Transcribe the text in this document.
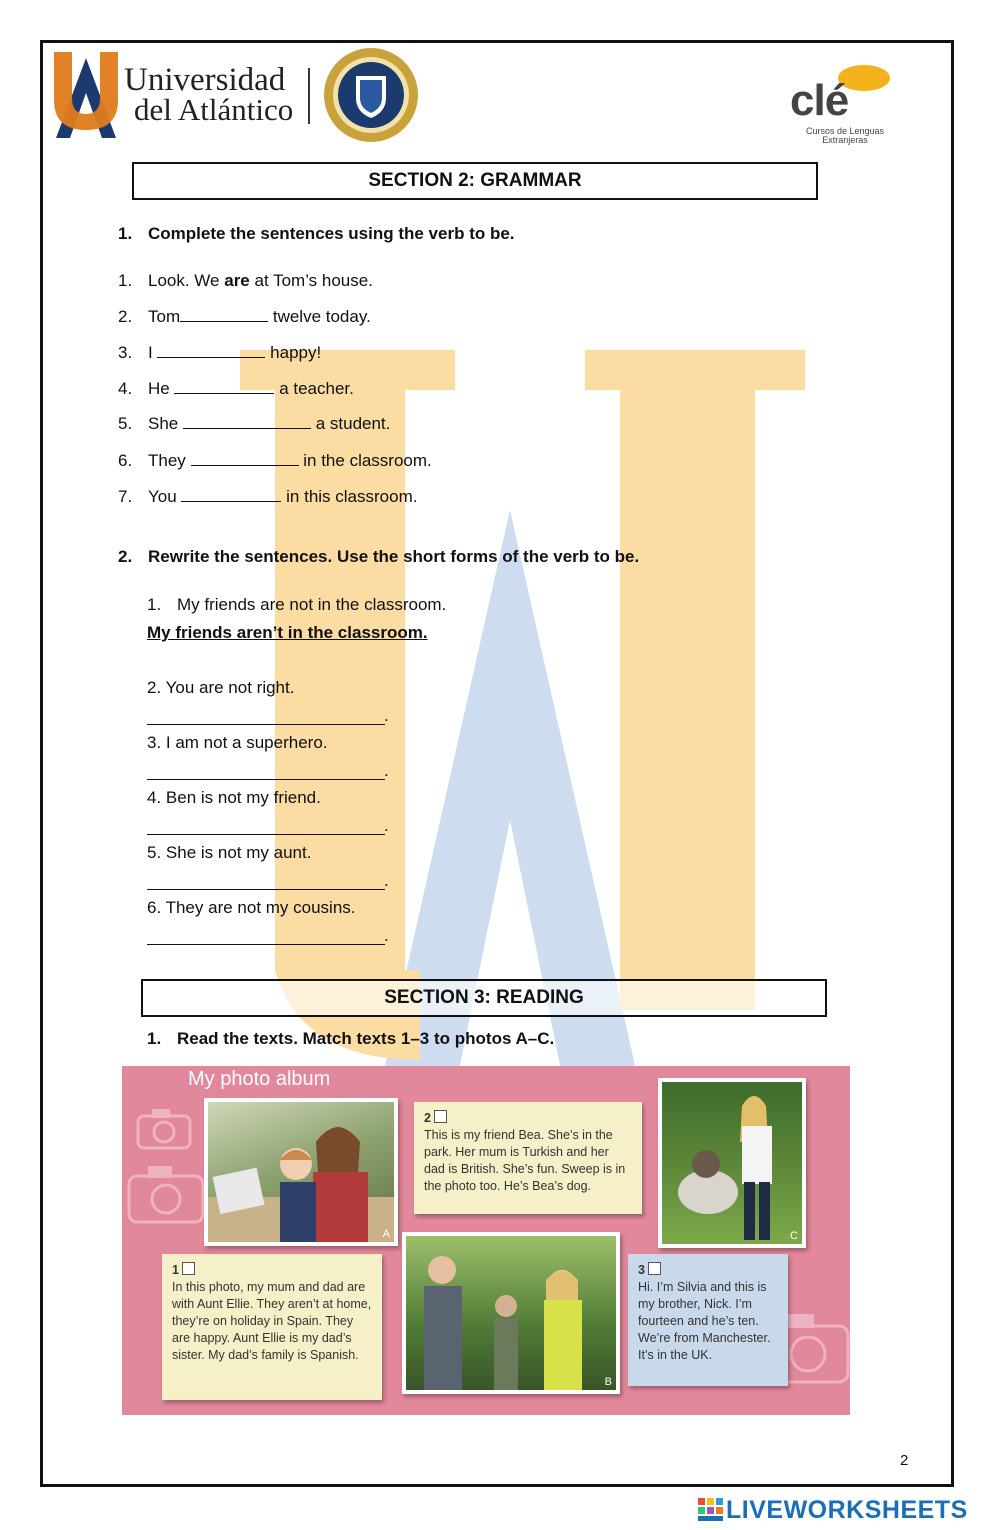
Universidad
del Atlántico	clé
Cursos de Lenguas
Extranjeras
SECTION 2: GRAMMAR
1. Complete the sentences using the verb to be.
1. Look. We are at Tom’s house.
2. Tom	twelve today.
3. I	happy!
4. He	a teacher.
5. She	a student.
6. They	in the classroom.
7. You	in this classroom.
2. Rewrite the sentences. Use the short forms of the verb to be.
1. My friends are not in the classroom.
My friends aren’t in the classroom.
2. You are not right.
.
3. I am not a superhero.
.
4. Ben is not my friend.
.
5. She is not my aunt.
.
6. They are not my cousins.
.
SECTION 3: READING
1. Read the texts. Match texts 1–3 to photos A–C.
My photo album
A
2
This is my friend Bea. She’s in the park. Her mum is Turkish and her dad is British. She’s fun. Sweep is in the photo too. He’s Bea’s dog.
C
1
In this photo, my mum and dad are with Aunt Ellie. They aren’t at home, they’re on holiday in Spain. They are happy. Aunt Ellie is my dad’s sister. My dad’s family is Spanish.
B
3
Hi. I’m Silvia and this is my brother, Nick. I’m fourteen and he’s ten. We’re from Manchester. It’s in the UK.
2
LIVEWORKSHEETS
